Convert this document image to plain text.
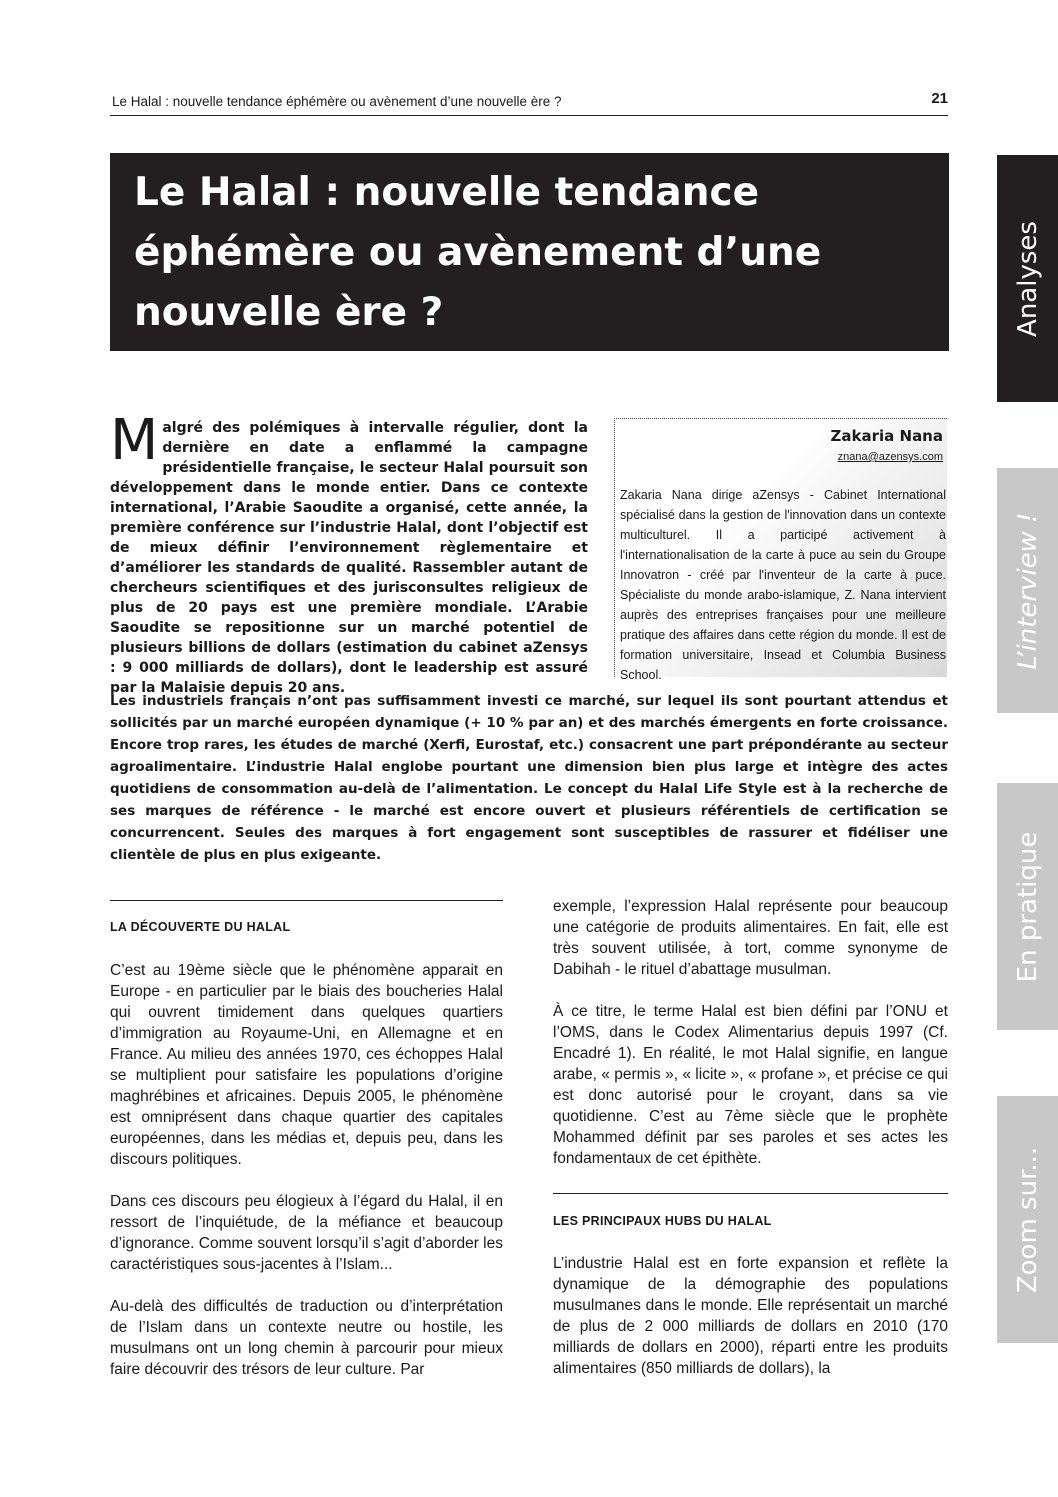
Le Halal : nouvelle tendance éphémère ou avènement d’une nouvelle ère ?	21
Le Halal : nouvelle tendance éphémère ou avènement d’une nouvelle ère ?	Analyses
L’interview !
En pratique
Zoom sur...
Malgré des polémiques à intervalle régulier, dont la dernière en date a enflammé la campagne présidentielle française, le secteur Halal poursuit son développement dans le monde entier. Dans ce contexte international, l’Arabie Saoudite a organisé, cette année, la première conférence sur l’industrie Halal, dont l’objectif est de mieux définir l’environnement règlementaire et d’améliorer les standards de qualité. Rassembler autant de chercheurs scientifiques et des jurisconsultes religieux de plus de 20 pays est une première mondiale. L’Arabie Saoudite se repositionne sur un marché potentiel de plusieurs billions de dollars (estimation du cabinet aZensys : 9 000 milliards de dollars), dont le leadership est assuré par la Malaisie depuis 20 ans.
Zakaria Nana
znana@azensys.com
Zakaria Nana dirige aZensys - Cabinet International spécialisé dans la gestion de l'innovation dans un contexte multiculturel. Il a participé activement à l'internationalisation de la carte à puce au sein du Groupe Innovatron - créé par l'inventeur de la carte à puce. Spécialiste du monde arabo-islamique, Z. Nana intervient auprès des entreprises françaises pour une meilleure pratique des affaires dans cette région du monde. Il est de formation universitaire, Insead et Columbia Business School.
Les industriels français n’ont pas suffisamment investi ce marché, sur lequel ils sont pourtant attendus et sollicités par un marché européen dynamique (+ 10 % par an) et des marchés émergents en forte croissance. Encore trop rares, les études de marché (Xerfi, Eurostaf, etc.) consacrent une part prépondérante au secteur agroalimentaire. L’industrie Halal englobe pourtant une dimension bien plus large et intègre des actes quotidiens de consommation au-delà de l’alimentation. Le concept du Halal Life Style est à la recherche de ses marques de référence - le marché est encore ouvert et plusieurs référentiels de certification se concurrencent. Seules des marques à fort engagement sont susceptibles de rassurer et fidéliser une clientèle de plus en plus exigeante.
LA DÉCOUVERTE DU HALAL

C’est au 19ème siècle que le phénomène apparait en Europe - en particulier par le biais des boucheries Halal qui ouvrent timidement dans quelques quartiers d’immigration au Royaume-Uni, en Allemagne et en France. Au milieu des années 1970, ces échoppes Halal se multiplient pour satisfaire les populations d’origine maghrébines et africaines. Depuis 2005, le phénomène est omniprésent dans chaque quartier des capitales européennes, dans les médias et, depuis peu, dans les discours politiques.

Dans ces discours peu élogieux à l’égard du Halal, il en ressort de l’inquiétude, de la méfiance et beaucoup d’ignorance. Comme souvent lorsqu’il s’agit d’aborder les caractéristiques sous-jacentes à l’Islam...

Au-delà des difficultés de traduction ou d’interprétation de l’Islam dans un contexte neutre ou hostile, les musulmans ont un long chemin à parcourir pour mieux faire découvrir des trésors de leur culture. Par

exemple, l’expression Halal représente pour beaucoup une catégorie de produits alimentaires. En fait, elle est très souvent utilisée, à tort, comme synonyme de Dabihah - le rituel d’abattage musulman.

À ce titre, le terme Halal est bien défini par l’ONU et l’OMS, dans le Codex Alimentarius depuis 1997 (Cf. Encadré 1). En réalité, le mot Halal signifie, en langue arabe, « permis », « licite », « profane », et précise ce qui est donc autorisé pour le croyant, dans sa vie quotidienne. C’est au 7ème siècle que le prophète Mohammed définit par ses paroles et ses actes les fondamentaux de cet épithète.

LES PRINCIPAUX HUBS DU HALAL

L’industrie Halal est en forte expansion et reflète la dynamique de la démographie des populations musulmanes dans le monde. Elle représentait un marché de plus de 2 000 milliards de dollars en 2010 (170 milliards de dollars en 2000), réparti entre les produits alimentaires (850 milliards de dollars), la
